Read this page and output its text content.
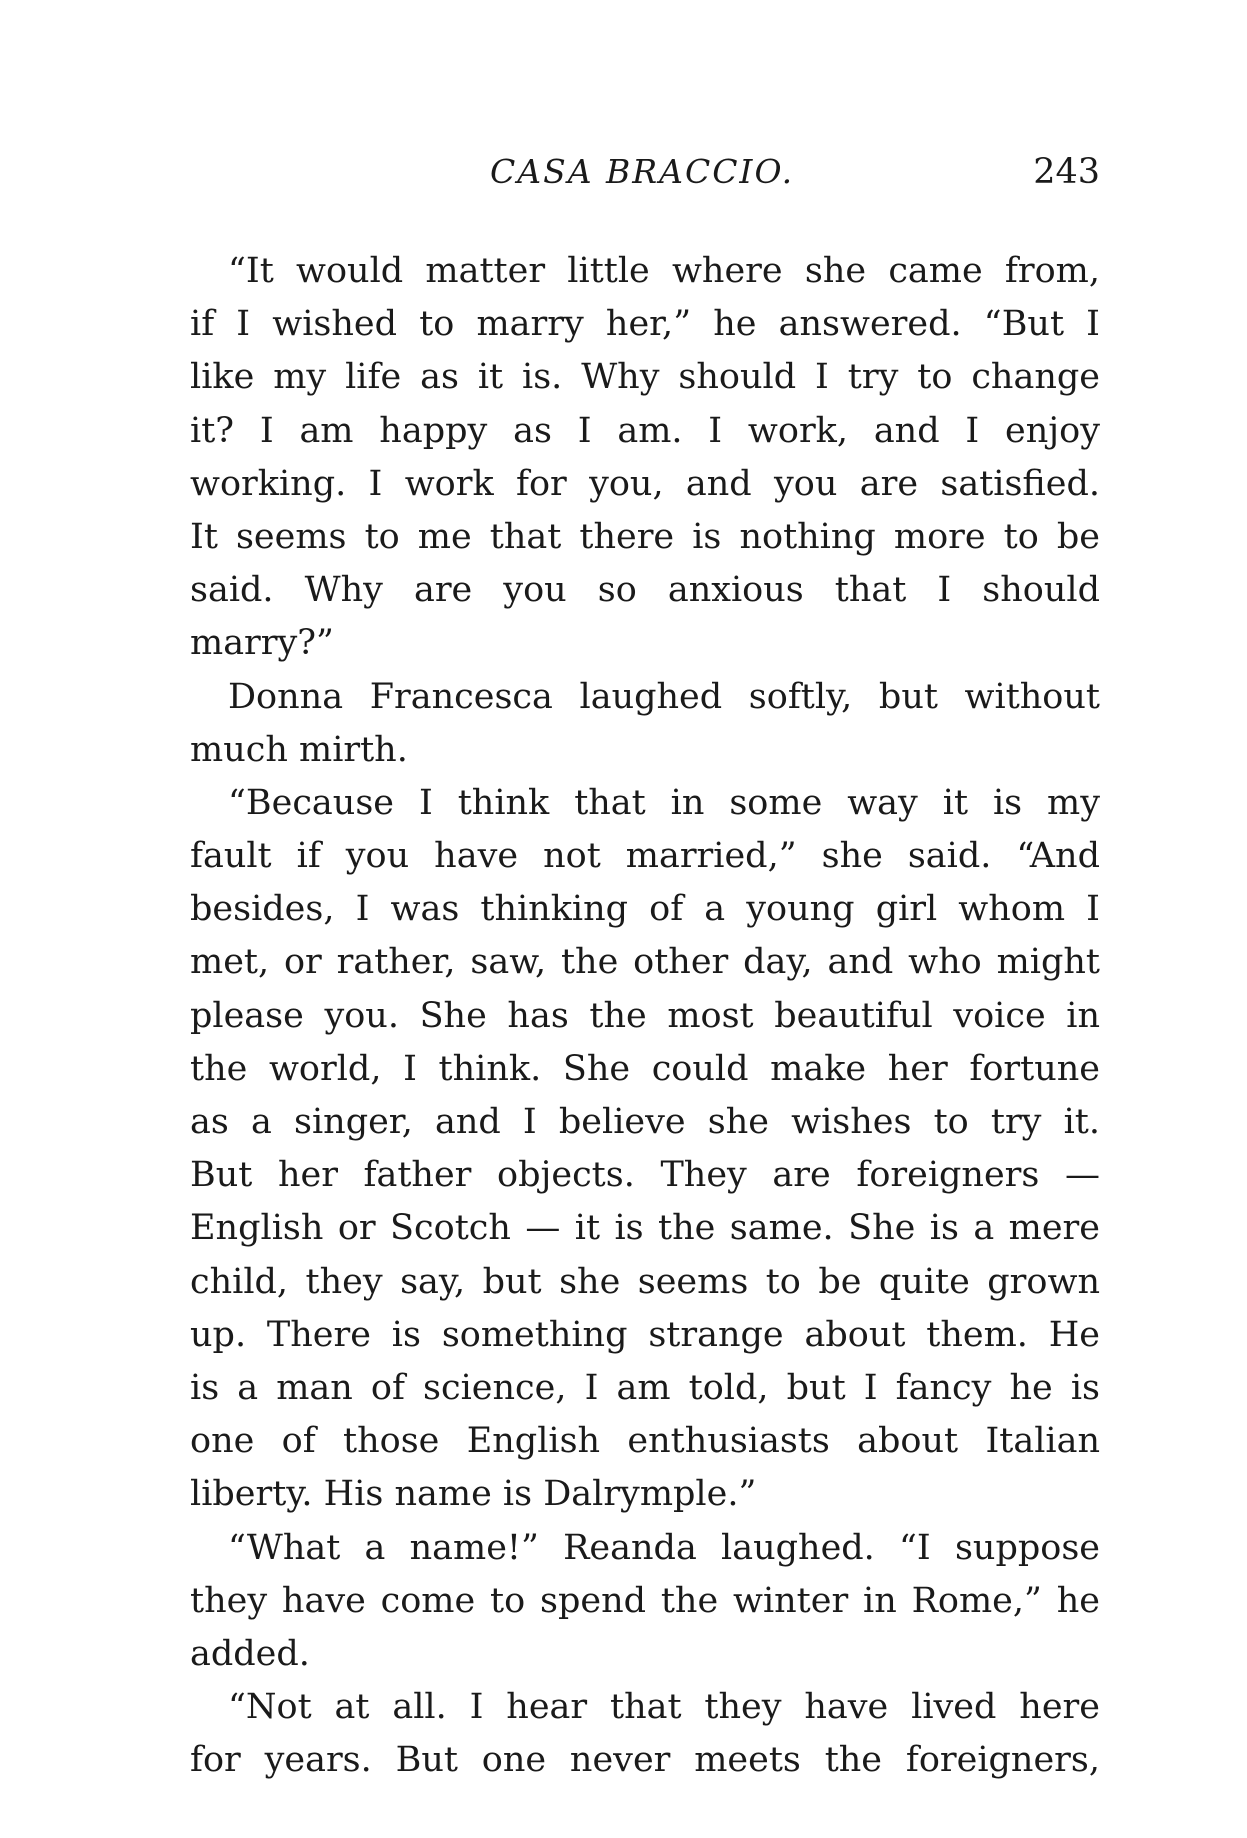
CASA BRACCIO.	243
“It would matter little where she came from,
if I wished to marry her,” he answered. “But I
like my life as it is. Why should I try to change
it? I am happy as I am. I work, and I enjoy
working. I work for you, and you are satisfied.
It seems to me that there is nothing more to be
said. Why are you so anxious that I should
marry?”
Donna Francesca laughed softly, but without
much mirth.
“Because I think that in some way it is my
fault if you have not married,” she said. “And
besides, I was thinking of a young girl whom I
met, or rather, saw, the other day, and who might
please you. She has the most beautiful voice in
the world, I think. She could make her fortune
as a singer, and I believe she wishes to try it.
But her father objects. They are foreigners —
English or Scotch — it is the same. She is a mere
child, they say, but she seems to be quite grown
up. There is something strange about them. He
is a man of science, I am told, but I fancy he is
one of those English enthusiasts about Italian
liberty. His name is Dalrymple.”
“What a name!” Reanda laughed. “I suppose
they have come to spend the winter in Rome,” he
added.
“Not at all. I hear that they have lived here
for years. But one never meets the foreigners,
